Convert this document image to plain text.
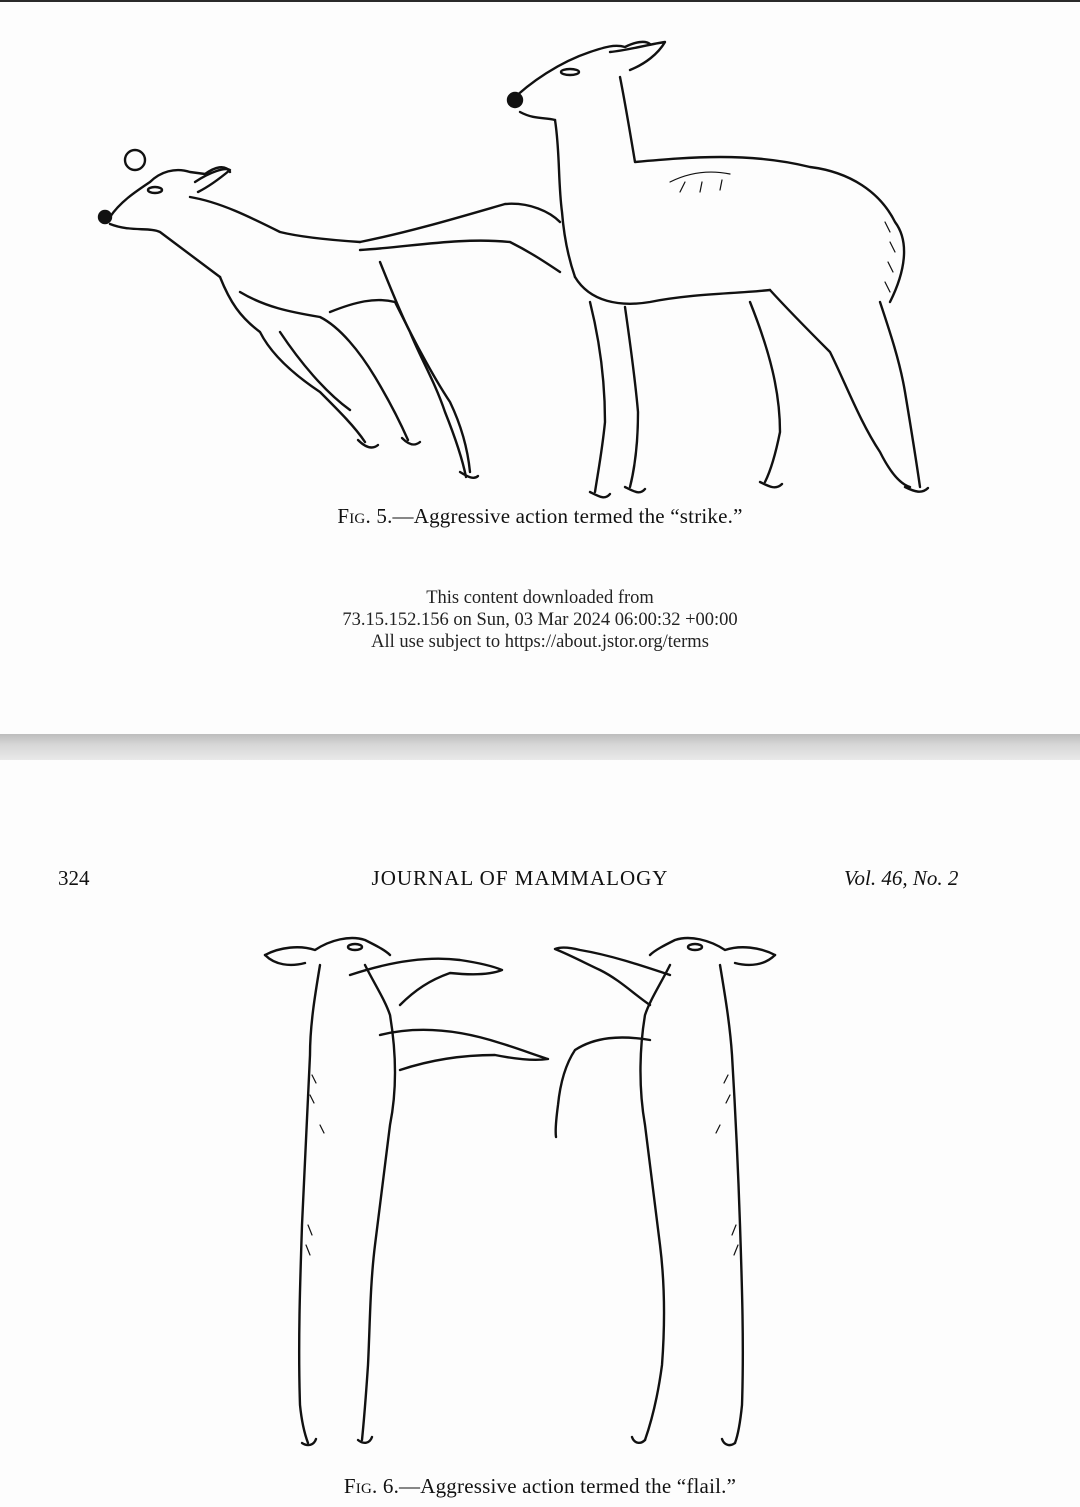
Fig. 5.—Aggressive action termed the “strike.”
This content downloaded from
73.15.152.156 on Sun, 03 Mar 2024 06:00:32 +00:00
All use subject to https://about.jstor.org/terms
324	JOURNAL OF MAMMALOGY	Vol. 46, No. 2
Fig. 6.—Aggressive action termed the “flail.”
